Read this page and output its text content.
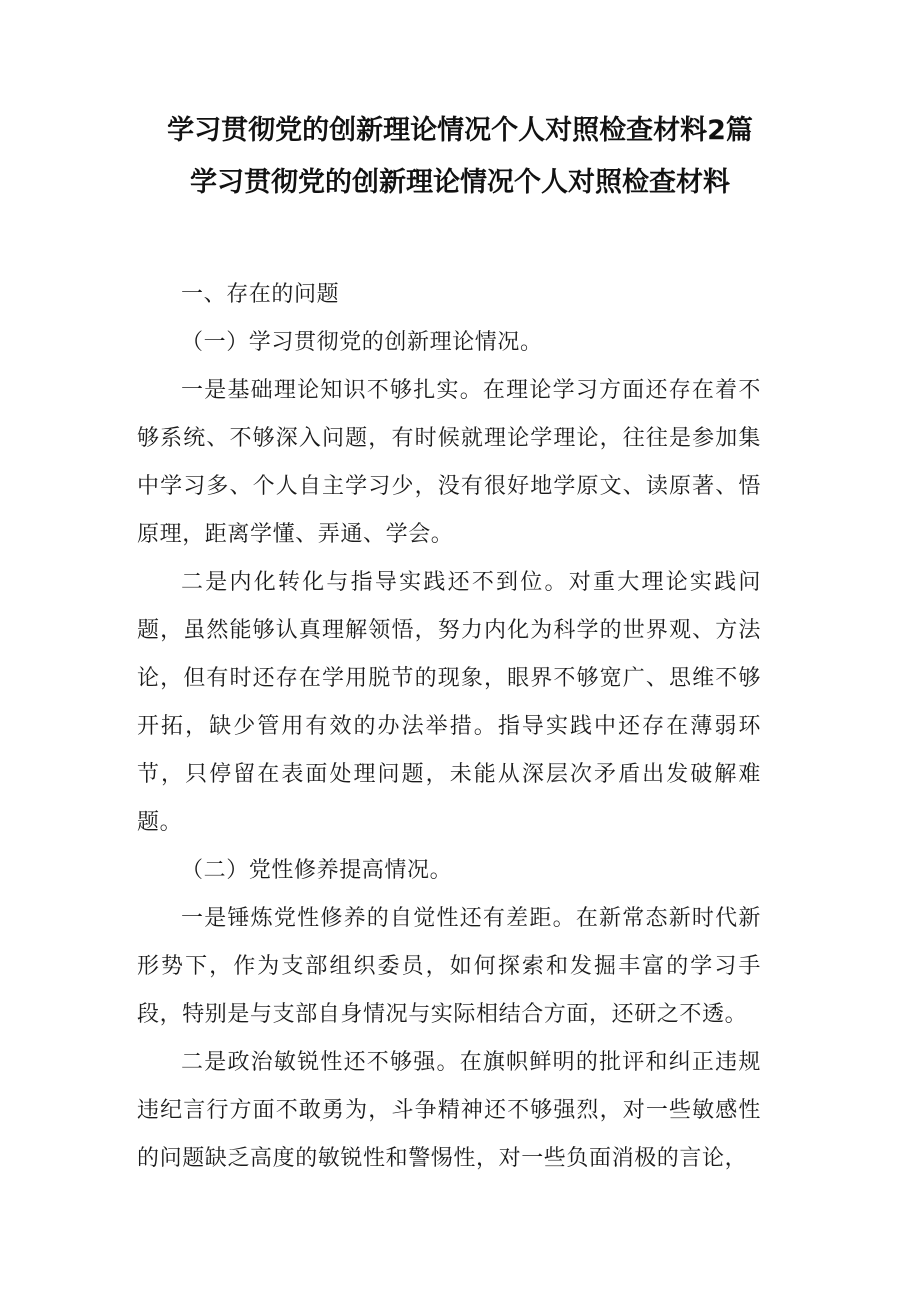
学习贯彻党的创新理论情况个人对照检查材料2篇
学习贯彻党的创新理论情况个人对照检查材料

一、存在的问题

（一）学习贯彻党的创新理论情况。

一是基础理论知识不够扎实。在理论学习方面还存在着不够系统、不够深入问题，有时候就理论学理论，往往是参加集中学习多、个人自主学习少，没有很好地学原文、读原著、悟原理，距离学懂、弄通、学会。

二是内化转化与指导实践还不到位。对重大理论实践问题，虽然能够认真理解领悟，努力内化为科学的世界观、方法论，但有时还存在学用脱节的现象，眼界不够宽广、思维不够开拓，缺少管用有效的办法举措。指导实践中还存在薄弱环节，只停留在表面处理问题，未能从深层次矛盾出发破解难题。

（二）党性修养提高情况。

一是锤炼党性修养的自觉性还有差距。在新常态新时代新形势下，作为支部组织委员，如何探索和发掘丰富的学习手段，特别是与支部自身情况与实际相结合方面，还研之不透。

二是政治敏锐性还不够强。在旗帜鲜明的批评和纠正违规违纪言行方面不敢勇为，斗争精神还不够强烈，对一些敏感性的问题缺乏高度的敏锐性和警惕性，对一些负面消极的言论，
